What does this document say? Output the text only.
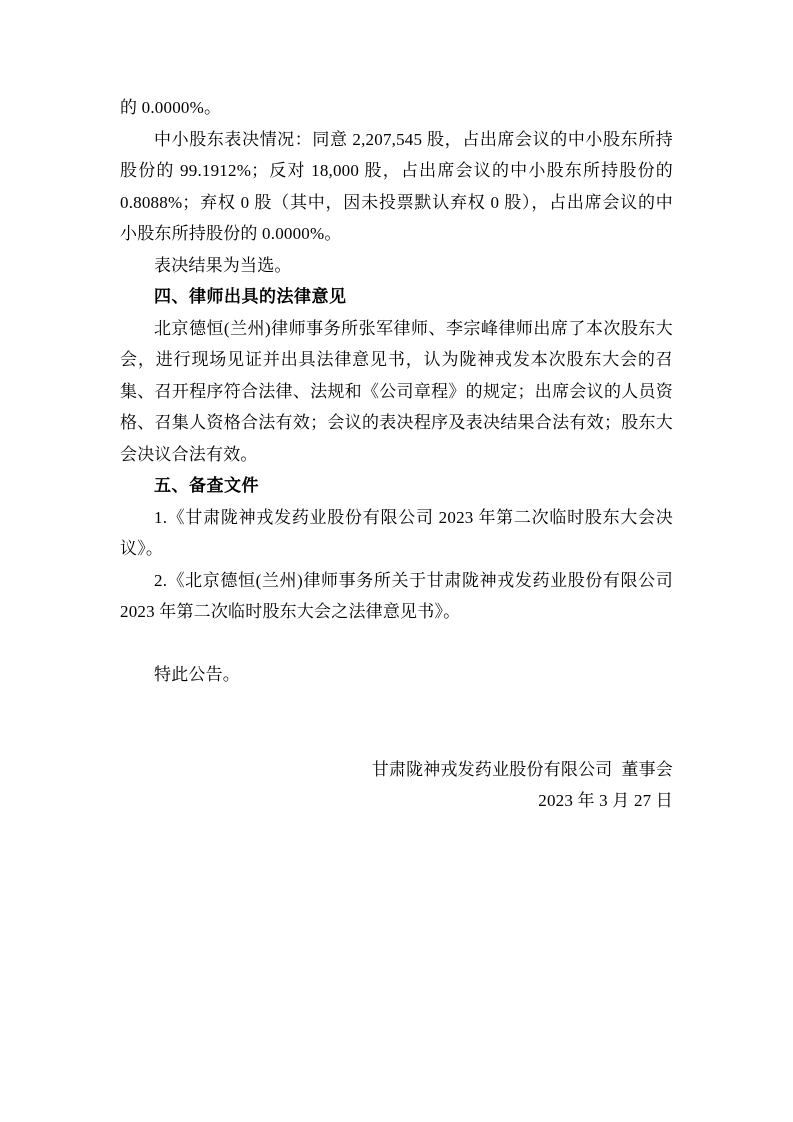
的 0.0000%。

中小股东表决情况：同意 2,207,545 股，占出席会议的中小股东所持股份的 99.1912%；反对 18,000 股，占出席会议的中小股东所持股份的 0.8088%；弃权 0 股（其中，因未投票默认弃权 0 股），占出席会议的中小股东所持股份的 0.0000%。

表决结果为当选。

四、律师出具的法律意见

北京德恒(兰州)律师事务所张军律师、李宗峰律师出席了本次股东大会，进行现场见证并出具法律意见书，认为陇神戎发本次股东大会的召集、召开程序符合法律、法规和《公司章程》的规定；出席会议的人员资格、召集人资格合法有效；会议的表决程序及表决结果合法有效；股东大会决议合法有效。

五、备查文件

1.《甘肃陇神戎发药业股份有限公司 2023 年第二次临时股东大会决议》。

2.《北京德恒(兰州)律师事务所关于甘肃陇神戎发药业股份有限公司 2023 年第二次临时股东大会之法律意见书》。

特此公告。

甘肃陇神戎发药业股份有限公司  董事会

2023 年 3 月 27 日
